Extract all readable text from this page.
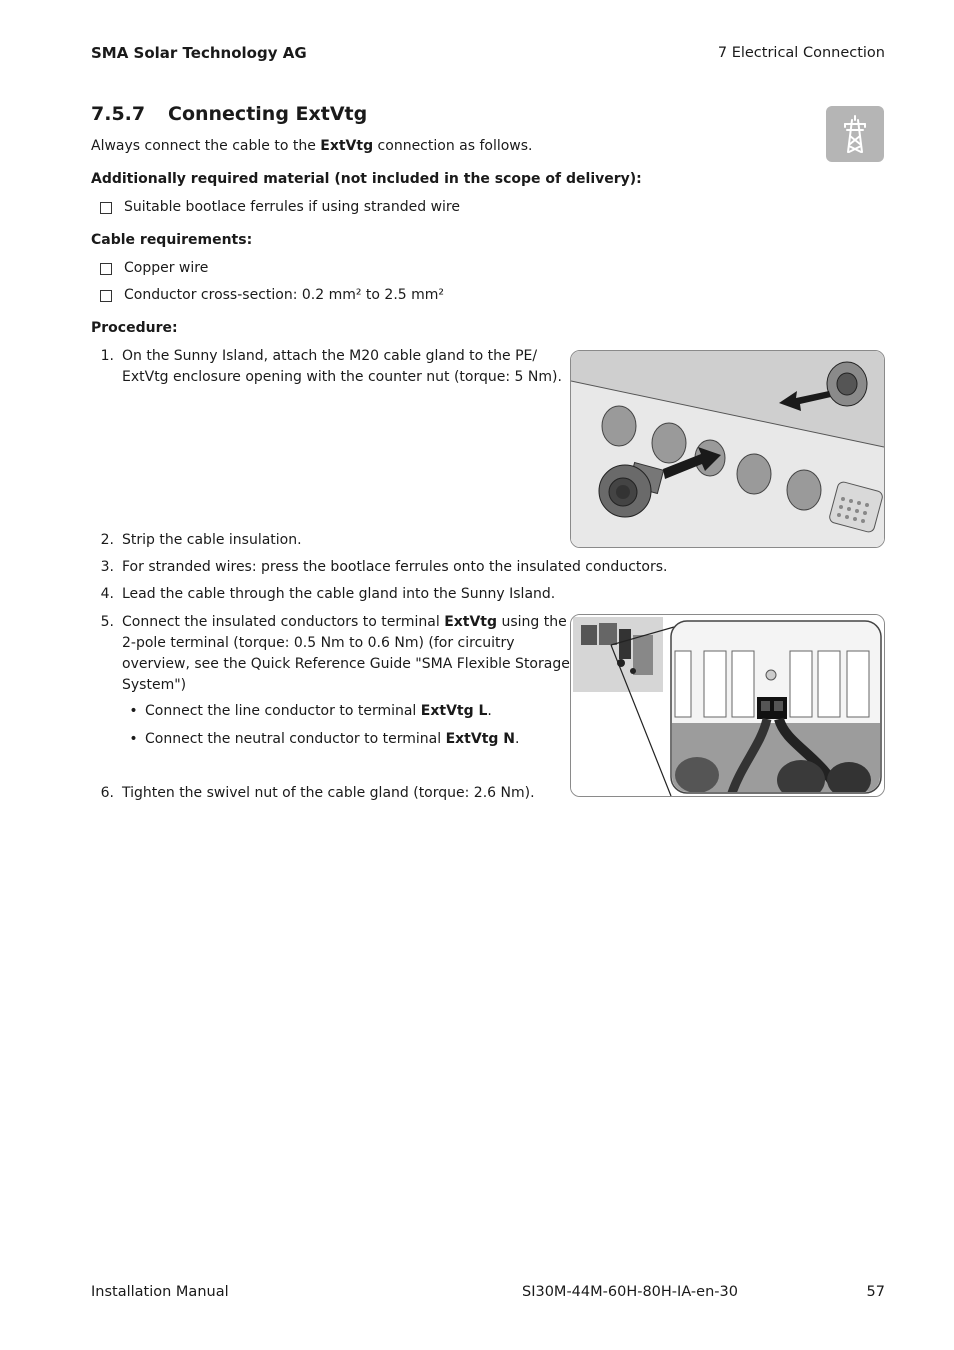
SMA Solar Technology AG	7 Electrical Connection
7.5.7 Connecting ExtVtg
Always connect the cable to the ExtVtg connection as follows.
Additionally required material (not included in the scope of delivery):
Suitable bootlace ferrules if using stranded wire
Cable requirements:
Copper wire
Conductor cross-section: 0.2 mm² to 2.5 mm²
Procedure:
1. On the Sunny Island, attach the M20 cable gland to the PE/
ExtVtg enclosure opening with the counter nut (torque: 5 Nm).
2. Strip the cable insulation.
3. For stranded wires: press the bootlace ferrules onto the insulated conductors.
4. Lead the cable through the cable gland into the Sunny Island.
5. Connect the insulated conductors to terminal ExtVtg using the
2-pole terminal (torque: 0.5 Nm to 0.6 Nm) (for circuitry
overview, see the Quick Reference Guide "SMA Flexible Storage
System")
• Connect the line conductor to terminal ExtVtg L.
• Connect the neutral conductor to terminal ExtVtg N.
6. Tighten the swivel nut of the cable gland (torque: 2.6 Nm).
Installation Manual	SI30M-44M-60H-80H-IA-en-30	57
